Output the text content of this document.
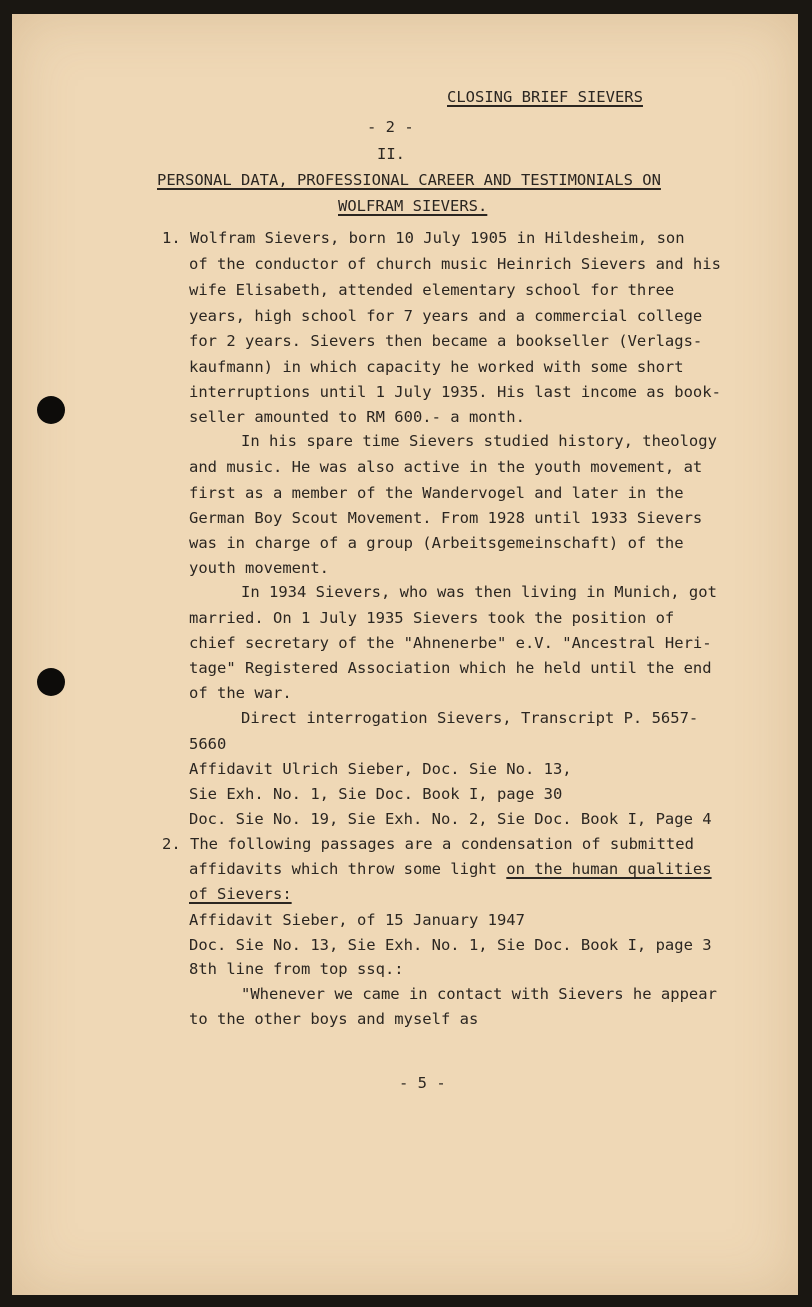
CLOSING BRIEF SIEVERS
- 2 -
II.
PERSONAL DATA, PROFESSIONAL CAREER AND TESTIMONIALS ON
WOLFRAM SIEVERS.
1. Wolfram Sievers, born 10 July 1905 in Hildesheim, son
of the conductor of church music Heinrich Sievers and his
wife Elisabeth, attended elementary school for three
years, high school for 7 years and a commercial college
for 2 years. Sievers then became a bookseller (Verlags-
kaufmann) in which capacity he worked with some short
interruptions until 1 July 1935. His last income as book-
seller amounted to RM 600.- a month.
In his spare time Sievers studied history, theology
and music. He was also active in the youth movement, at
first as a member of the Wandervogel and later in the
German Boy Scout Movement. From 1928 until 1933 Sievers
was in charge of a group (Arbeitsgemeinschaft) of the
youth movement.
In 1934 Sievers, who was then living in Munich, got
married. On 1 July 1935 Sievers took the position of
chief secretary of the "Ahnenerbe" e.V. "Ancestral Heri-
tage" Registered Association which he held until the end
of the war.
Direct interrogation Sievers, Transcript P. 5657-
5660
Affidavit Ulrich Sieber, Doc. Sie No. 13,
Sie Exh. No. 1, Sie Doc. Book I, page 30
Doc. Sie No. 19, Sie Exh. No. 2, Sie Doc. Book I, Page 4
2. The following passages are a condensation of submitted
affidavits which throw some light on the human qualities
of Sievers:
Affidavit Sieber, of 15 January 1947
Doc. Sie No. 13, Sie Exh. No. 1, Sie Doc. Book I, page 3
8th line from top ssq.:
"Whenever we came in contact with Sievers he appear
to the other boys and myself as
- 5 -
